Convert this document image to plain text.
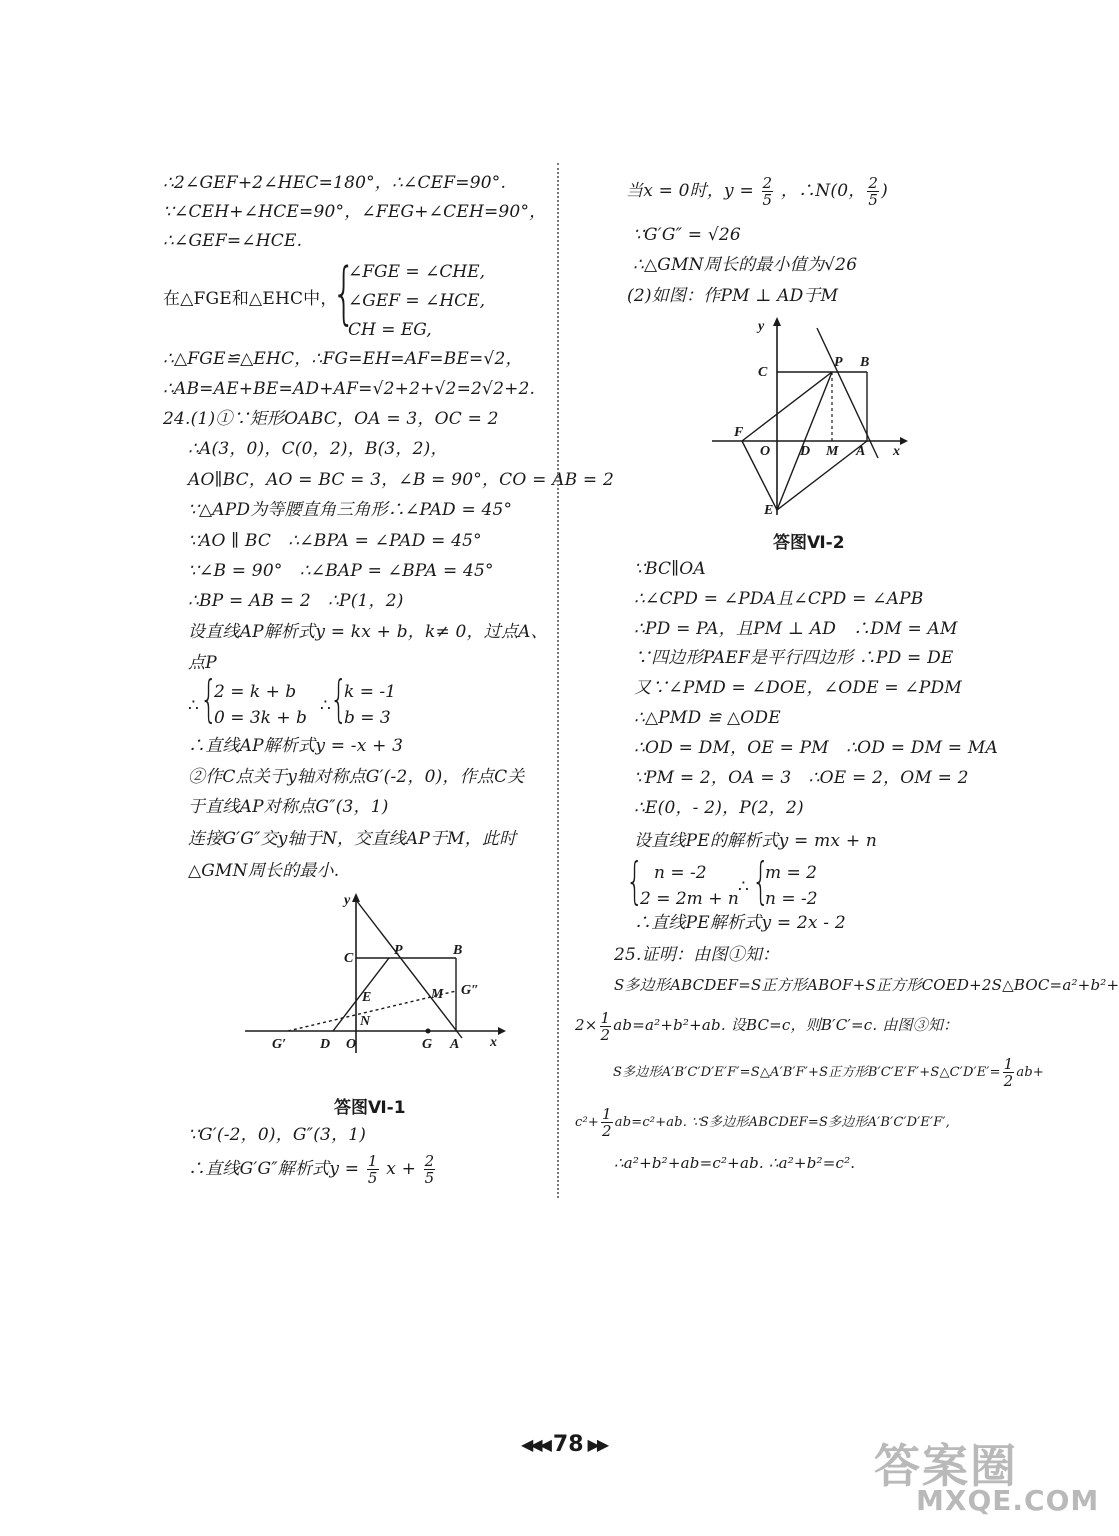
∴2∠GEF+2∠HEC=180°，∴∠CEF=90°.
∵∠CEH+∠HCE=90°，∠FEG+∠CEH=90°，
∴∠GEF=∠HCE.
在△FGE和△EHC中，
{
∠FGE = ∠CHE,
∠GEF = ∠HCE,
CH = EG,
∴△FGE≌△EHC，∴FG=EH=AF=BE=√2，
∴AB=AE+BE=AD+AF=√2+2+√2=2√2+2.
24.(1)①∵矩形OABC，OA = 3，OC = 2
∴A(3，0)，C(0，2)，B(3，2)，
AO∥BC，AO = BC = 3，∠B = 90°，CO = AB = 2
∵△APD为等腰直角三角形∴∠PAD = 45°
∵AO ∥ BC　∴∠BPA = ∠PAD = 45°
∵∠B = 90°　∴∠BAP = ∠BPA = 45°
∴BP = AB = 2　∴P(1，2)
设直线AP解析式y = kx + b，k≠ 0，过点A、
点P
∴ {
2 = k + b
0 = 3k + b
∴
{
k = -1
b = 3
∴直线AP解析式y = -x + 3
②作C点关于y轴对称点G′(-2，0)，作点C关
于直线AP对称点G″(3，1)
连接G′G″交y轴于N，交直线AP于M，此时
△GMN周长的最小.
y
C
P	B
E	M G″
N
G′ D O	G A x
答图Ⅵ-1
∵G′(-2，0)，G″(3，1)
∴直线G′G″解析式$y = \frac{1}{5}$ $x + \frac{2}{5}$
当x = 0时，$y = \frac{2}{5}$ ，∴N(0， $\frac{2}{5}$ )
∵G′G″ = √26
∴△GMN周长的最小值为√26
(2)如图：作PM ⊥ AD于M
y
C
P B
F
O D M A x
E
答图Ⅵ-2
∵BC∥OA
∴∠CPD = ∠PDA且∠CPD = ∠APB
∴PD = PA，且PM ⊥ AD　∴DM = AM
∵四边形PAEF是平行四边形 ∴PD = DE
又∵∠PMD = ∠DOE，∠ODE = ∠PDM
∴△PMD ≌ △ODE
∴OD = DM，OE = PM　∴OD = DM = MA
∵PM = 2，OA = 3　∴OE = 2，OM = 2
∴E(0，- 2)，P(2，2)
设直线PE的解析式y = mx + n
{ n = -2
2 = 2m + n
∴ {
m = 2
n = -2
∴直线PE解析式y = 2x - 2
25.证明：由图①知：
S多边形ABCDEF=S正方形ABOF+S正方形COED+2S△BOC=a²+b²+
$2\times \frac{1}{2} ab=a^2+b^2+ab$. 设BC=c，则B′C′=c. 由图③知：
S多边形A′B′C′D′E′F′=S△A′B′F′+S正方形B′C′E′F′+S△C′D′E′= $\frac{1}{2} ab+$
$c^2+ \frac{1}{2} ab=c^2+ab$. ∵S多边形ABCDEF=S多边形A′B′C′D′E′F′,
∴a²+b²+ab=c²+ab. ∴a²+b²=c².
◀◀◀ 78 ▶▶	答案圈
MXQE.COM
